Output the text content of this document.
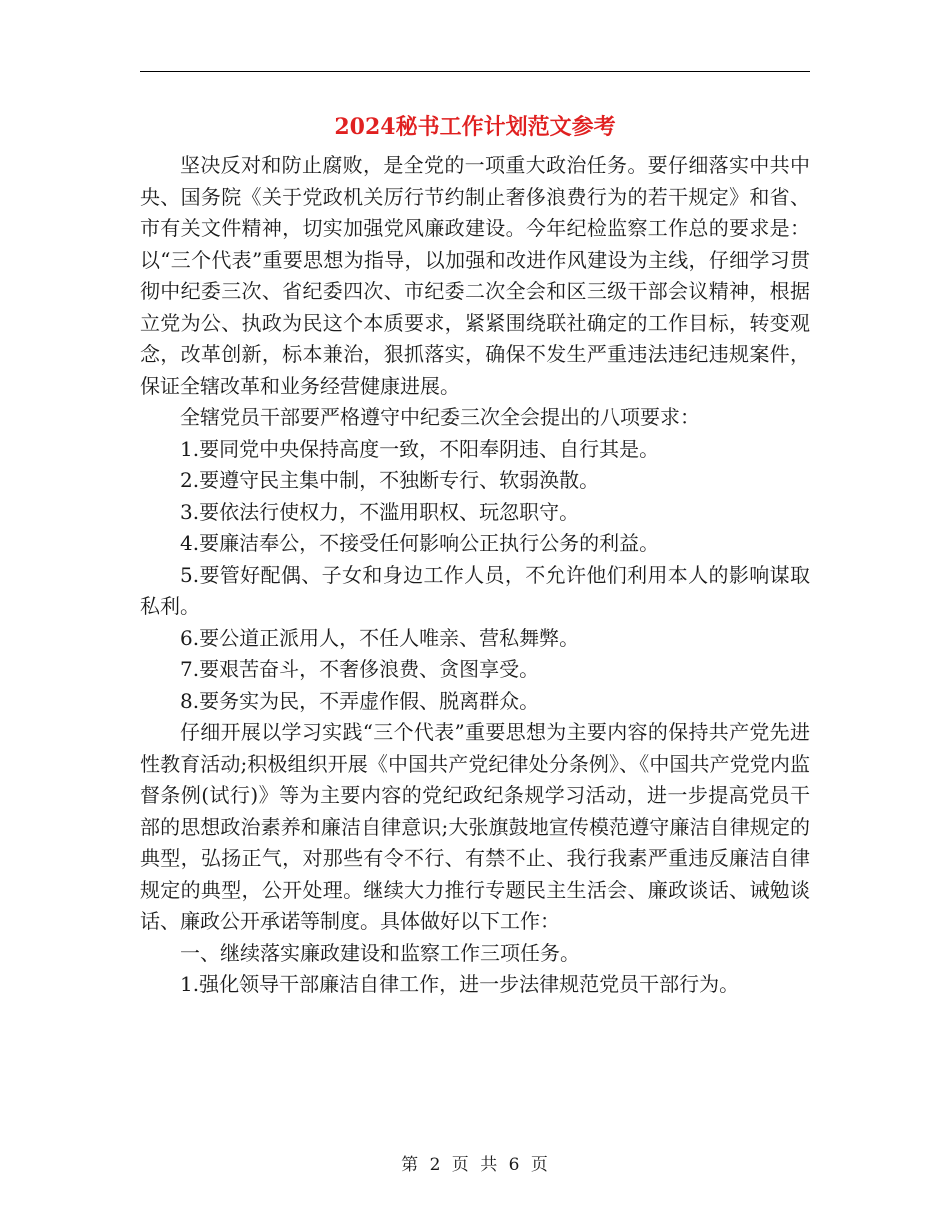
2024秘书工作计划范文参考

坚决反对和防止腐败，是全党的一项重大政治任务。要仔细落实中共中央、国务院《关于党政机关厉行节约制止奢侈浪费行为的若干规定》和省、市有关文件精神，切实加强党风廉政建设。今年纪检监察工作总的要求是：以“三个代表”重要思想为指导，以加强和改进作风建设为主线，仔细学习贯彻中纪委三次、省纪委四次、市纪委二次全会和区三级干部会议精神，根据立党为公、执政为民这个本质要求，紧紧围绕联社确定的工作目标，转变观念，改革创新，标本兼治，狠抓落实，确保不发生严重违法违纪违规案件，保证全辖改革和业务经营健康进展。

全辖党员干部要严格遵守中纪委三次全会提出的八项要求：

1.要同党中央保持高度一致，不阳奉阴违、自行其是。

2.要遵守民主集中制，不独断专行、软弱涣散。

3.要依法行使权力，不滥用职权、玩忽职守。

4.要廉洁奉公，不接受任何影响公正执行公务的利益。

5.要管好配偶、子女和身边工作人员，不允许他们利用本人的影响谋取私利。

6.要公道正派用人，不任人唯亲、营私舞弊。

7.要艰苦奋斗，不奢侈浪费、贪图享受。

8.要务实为民，不弄虚作假、脱离群众。

仔细开展以学习实践“三个代表”重要思想为主要内容的保持共产党先进性教育活动;积极组织开展《中国共产党纪律处分条例》、《中国共产党党内监督条例(试行)》等为主要内容的党纪政纪条规学习活动，进一步提高党员干部的思想政治素养和廉洁自律意识;大张旗鼓地宣传模范遵守廉洁自律规定的典型，弘扬正气，对那些有令不行、有禁不止、我行我素严重违反廉洁自律规定的典型，公开处理。继续大力推行专题民主生活会、廉政谈话、诫勉谈话、廉政公开承诺等制度。具体做好以下工作：

一、继续落实廉政建设和监察工作三项任务。

1.强化领导干部廉洁自律工作，进一步法律规范党员干部行为。

第 2 页 共 6 页
